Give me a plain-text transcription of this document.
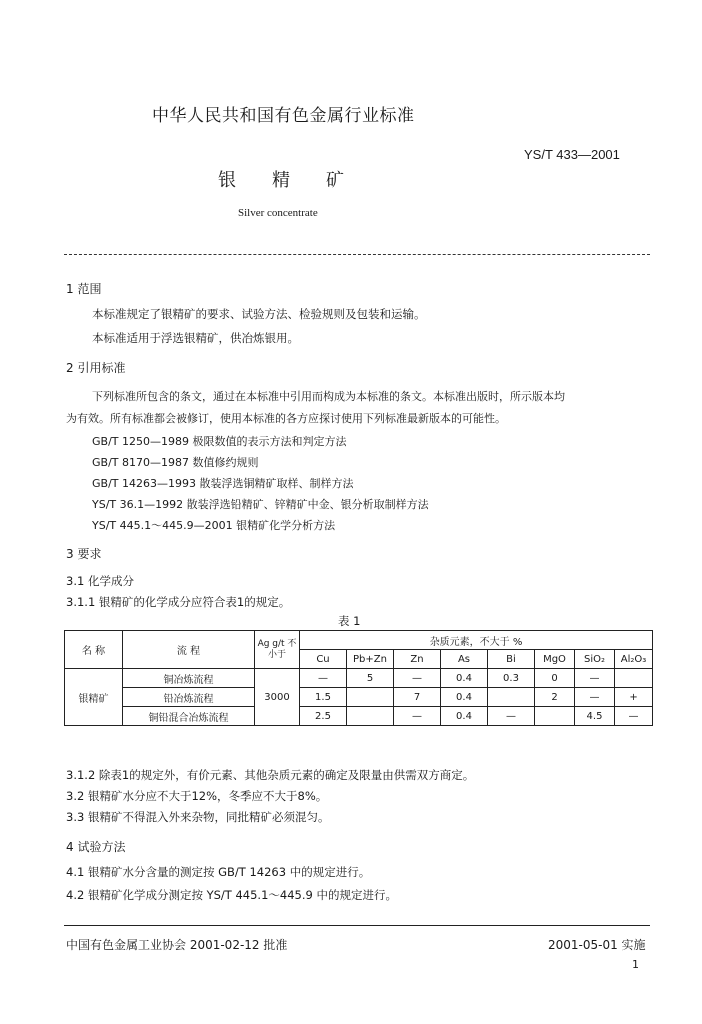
中华人民共和国有色金属行业标准
YS/T 433—2001
银 精 矿
Silver concentrate
1 范围
本标准规定了银精矿的要求、试验方法、检验规则及包装和运输。
本标准适用于浮选银精矿，供冶炼银用。
2 引用标准
下列标准所包含的条文，通过在本标准中引用而构成为本标准的条文。本标准出版时，所示版本均
为有效。所有标准都会被修订，使用本标准的各方应探讨使用下列标准最新版本的可能性。
GB/T 1250—1989 极限数值的表示方法和判定方法
GB/T 8170—1987 数值修约规则
GB/T 14263—1993 散装浮选铜精矿取样、制样方法
YS/T 36.1—1992 散装浮选铅精矿、锌精矿中金、银分析取制样方法
YS/T 445.1～445.9—2001 银精矿化学分析方法
3 要求
3.1 化学成分
3.1.1 银精矿的化学成分应符合表1的规定。
表 1
名 称	流 程	Ag g/t 不小于	杂质元素，不大于 %							
			Cu	Pb+Zn	Zn	As	Bi	MgO	SiO₂	Al₂O₃
银精矿	铜冶炼流程	3000	—	5	—	0.4	0.3	0	—	
	铅冶炼流程		1.5		7	0.4		2	—	+
	铜铅混合冶炼流程		2.5		—	0.4	—		4.5	—
3.1.2 除表1的规定外，有价元素、其他杂质元素的确定及限量由供需双方商定。
3.2 银精矿水分应不大于12%，冬季应不大于8%。
3.3 银精矿不得混入外来杂物，同批精矿必须混匀。
4 试验方法
4.1 银精矿水分含量的测定按 GB/T 14263 中的规定进行。
4.2 银精矿化学成分测定按 YS/T 445.1～445.9 中的规定进行。
中国有色金属工业协会 2001-02-12 批准	2001-05-01 实施
1
